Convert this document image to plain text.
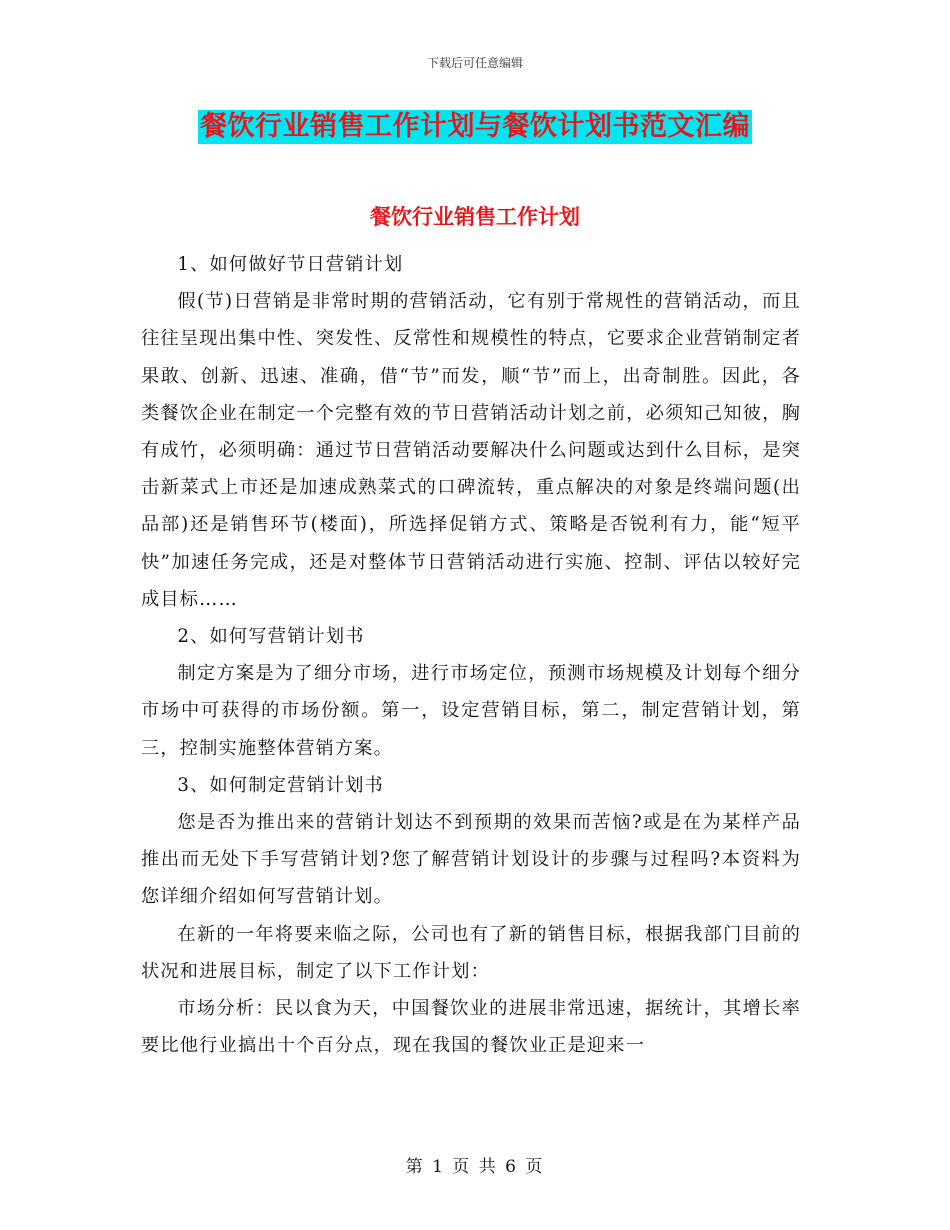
下载后可任意编辑
餐饮行业销售工作计划与餐饮计划书范文汇编
餐饮行业销售工作计划

1、如何做好节日营销计划

假(节)日营销是非常时期的营销活动，它有别于常规性的营销活动，而且往往呈现出集中性、突发性、反常性和规模性的特点，它要求企业营销制定者果敢、创新、迅速、准确，借“节”而发，顺“节”而上，出奇制胜。因此，各类餐饮企业在制定一个完整有效的节日营销活动计划之前，必须知己知彼，胸有成竹，必须明确：通过节日营销活动要解决什么问题或达到什么目标，是突击新菜式上市还是加速成熟菜式的口碑流转，重点解决的对象是终端问题(出品部)还是销售环节(楼面)，所选择促销方式、策略是否锐利有力，能“短平快”加速任务完成，还是对整体节日营销活动进行实施、控制、评估以较好完成目标……

2、如何写营销计划书

制定方案是为了细分市场，进行市场定位，预测市场规模及计划每个细分市场中可获得的市场份额。第一，设定营销目标，第二，制定营销计划，第三，控制实施整体营销方案。

3、如何制定营销计划书

您是否为推出来的营销计划达不到预期的效果而苦恼?或是在为某样产品推出而无处下手写营销计划?您了解营销计划设计的步骤与过程吗?本资料为您详细介绍如何写营销计划。

在新的一年将要来临之际，公司也有了新的销售目标，根据我部门目前的状况和进展目标，制定了以下工作计划：

市场分析：民以食为天，中国餐饮业的进展非常迅速，据统计，其增长率要比他行业搞出十个百分点，现在我国的餐饮业正是迎来一

第 1 页 共 6 页
